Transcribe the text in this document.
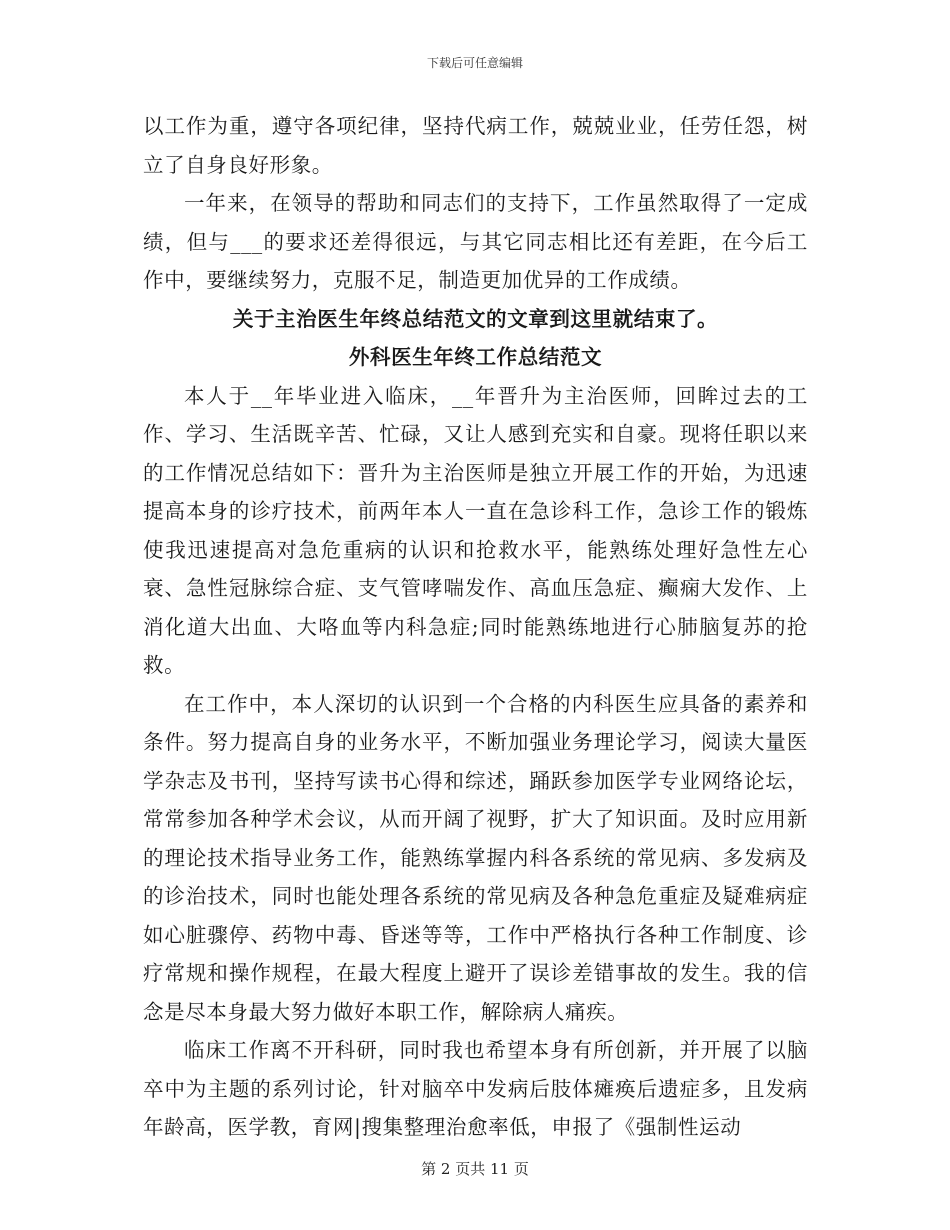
下载后可任意编辑

以工作为重，遵守各项纪律，坚持代病工作，兢兢业业，任劳任怨，树立了自身良好形象。

一年来，在领导的帮助和同志们的支持下，工作虽然取得了一定成绩，但与___的要求还差得很远，与其它同志相比还有差距，在今后工作中，要继续努力，克服不足，制造更加优异的工作成绩。

关于主治医生年终总结范文的文章到这里就结束了。

外科医生年终工作总结范文

本人于__年毕业进入临床，__年晋升为主治医师，回眸过去的工作、学习、生活既辛苦、忙碌，又让人感到充实和自豪。现将任职以来的工作情况总结如下：晋升为主治医师是独立开展工作的开始，为迅速提高本身的诊疗技术，前两年本人一直在急诊科工作，急诊工作的锻炼使我迅速提高对急危重病的认识和抢救水平，能熟练处理好急性左心衰、急性冠脉综合症、支气管哮喘发作、高血压急症、癫痫大发作、上消化道大出血、大咯血等内科急症;同时能熟练地进行心肺脑复苏的抢救。

在工作中，本人深切的认识到一个合格的内科医生应具备的素养和条件。努力提高自身的业务水平，不断加强业务理论学习，阅读大量医学杂志及书刊，坚持写读书心得和综述，踊跃参加医学专业网络论坛，常常参加各种学术会议，从而开阔了视野，扩大了知识面。及时应用新的理论技术指导业务工作，能熟练掌握内科各系统的常见病、多发病及的诊治技术，同时也能处理各系统的常见病及各种急危重症及疑难病症如心脏骤停、药物中毒、昏迷等等，工作中严格执行各种工作制度、诊疗常规和操作规程，在最大程度上避开了误诊差错事故的发生。我的信念是尽本身最大努力做好本职工作，解除病人痛疾。

临床工作离不开科研，同时我也希望本身有所创新，并开展了以脑卒中为主题的系列讨论，针对脑卒中发病后肢体瘫痪后遗症多，且发病年龄高，医学教，育网|搜集整理治愈率低，申报了《强制性运动

第 2 页共 11 页
